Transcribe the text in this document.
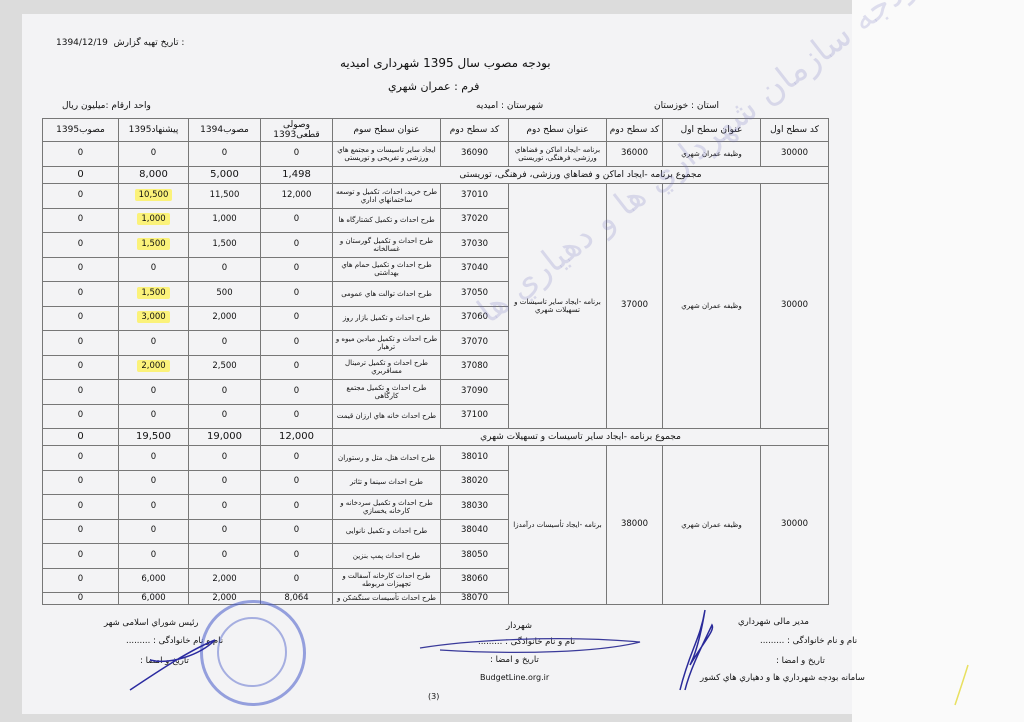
1394/12/19 تاریخ تهیه گزارش :
بودجه مصوب سال 1395 شهرداری امیدیه
فرم : عمران شهري
استان : خوزستان
شهرستان : امیدیه
واحد ارقام :میلیون ریال
کد سطح اول	عنوان سطح اول	کد سطح دوم	عنوان سطح دوم	کد سطح دوم	عنوان سطح سوم	وصولی قطعی1393	مصوب1394	پیشنهاد1395	مصوب1395
30000	وظیفه عمران شهري	36000	برنامه -ایجاد اماکن و فضاهاي ورزشی، فرهنگی، توریستی	36090	ایجاد سایر تاسیسات و مجتمع هاي ورزشی و تفریحی و توریستی	0	0	0	0
مجموع برنامه -ایجاد اماکن و فضاهاي ورزشی، فرهنگی، توریستی						1,498	5,000	8,000	0
30000	وظیفه عمران شهري	37000	برنامه -ایجاد سایر تاسیسات و تسهیلات شهري	37010	طرح خرید، احداث، تکمیل و توسعه ساختمانهاي اداري	12,000	11,500	10,500	0
				37020	طرح احداث و تکمیل کشتارگاه ها	0	1,000	1,000	0
				37030	طرح احداث و تکمیل گورستان و غسالخانه	0	1,500	1,500	0
				37040	طرح احداث و تکمیل حمام هاي بهداشتی	0	0	0	0
				37050	طرح احداث توالت هاي عمومی	0	500	1,500	0
				37060	طرح احداث و تکمیل بازار روز	0	2,000	3,000	0
				37070	طرح احداث و تکمیل میادین میوه و ترهبار	0	0	0	0
				37080	طرح احداث و تکمیل ترمینال مسافربري	0	2,500	2,000	0
				37090	طرح احداث و تکمیل مجتمع کارگاهی	0	0	0	0
				37100	طرح احداث خانه هاي ارزان قیمت	0	0	0	0
مجموع برنامه -ایجاد سایر تاسیسات و تسهیلات شهري						12,000	19,000	19,500	0
30000	وظیفه عمران شهري	38000	برنامه -ایجاد تأسیسات درآمدزا	38010	طرح احداث هتل، متل و رستوران	0	0	0	0
				38020	طرح احداث سینما و تئاتر	0	0	0	0
				38030	طرح احداث و تکمیل سردخانه و کارخانه یخسازي	0	0	0	0
				38040	طرح احداث و تکمیل نانوایی	0	0	0	0
				38050	طرح احداث پمپ بنزین	0	0	0	0
				38060	طرح احداث کارخانه آسفالت و تجهیزات مربوطه	0	2,000	6,000	0
				38070	طرح احداث تأسیسات سنگشکن و	8,064	2,000	6,000	0
سازمان شهرداري ها و دهیاري ها
مدیر مالی شهرداري
نام و نام خانوادگی : .........
تاریخ و امضا :
سامانه بودجه شهرداري ها و دهیاري هاي کشور
شهردار
نام و نام خانوادگی : .........
تاریخ و امضا :
رئیس شوراي اسلامی شهر
نام و نام خانوادگی : .........
تاریخ و امضا :
BudgetLine.org.ir
(3)
